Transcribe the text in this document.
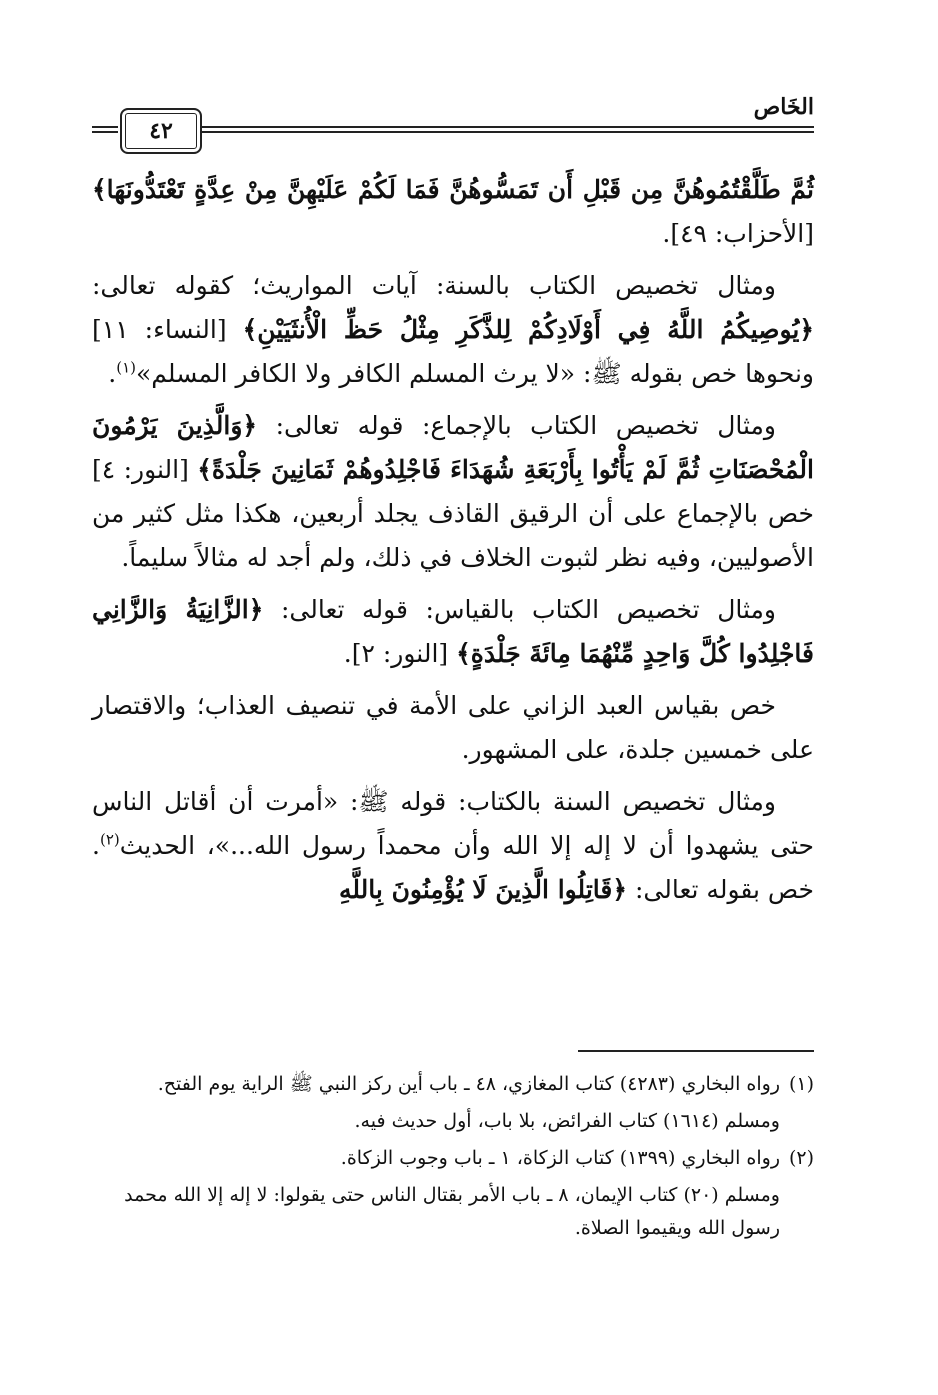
الخَاص
٤٢

ثُمَّ طَلَّقْتُمُوهُنَّ مِن قَبْلِ أَن تَمَسُّوهُنَّ فَمَا لَكُمْ عَلَيْهِنَّ مِنْ عِدَّةٍ تَعْتَدُّونَهَا﴾ [الأحزاب: ٤٩].

ومثال تخصيص الكتاب بالسنة: آيات المواريث؛ كقوله تعالى: ﴿يُوصِيكُمُ اللَّهُ فِي أَوْلَادِكُمْ لِلذَّكَرِ مِثْلُ حَظِّ الْأُنثَيَيْنِ﴾ [النساء: ١١] ونحوها خص بقوله ﷺ: «لا يرث المسلم الكافر ولا الكافر المسلم»$^{(١)}$.

ومثال تخصيص الكتاب بالإجماع: قوله تعالى: ﴿وَالَّذِينَ يَرْمُونَ الْمُحْصَنَاتِ ثُمَّ لَمْ يَأْتُوا بِأَرْبَعَةِ شُهَدَاءَ فَاجْلِدُوهُمْ ثَمَانِينَ جَلْدَةً﴾ [النور: ٤] خص بالإجماع على أن الرقيق القاذف يجلد أربعين، هكذا مثل كثير من الأصوليين، وفيه نظر لثبوت الخلاف في ذلك، ولم أجد له مثالاً سليماً.

ومثال تخصيص الكتاب بالقياس: قوله تعالى: ﴿الزَّانِيَةُ وَالزَّانِي فَاجْلِدُوا كُلَّ وَاحِدٍ مِّنْهُمَا مِائَةَ جَلْدَةٍ﴾ [النور: ٢].

خص بقياس العبد الزاني على الأمة في تنصيف العذاب؛ والاقتصار على خمسين جلدة، على المشهور.

ومثال تخصيص السنة بالكتاب: قوله ﷺ: «أمرت أن أقاتل الناس حتى يشهدوا أن لا إله إلا الله وأن محمداً رسول الله...»، الحديث$^{(٢)}$. خص بقوله تعالى: ﴿قَاتِلُوا الَّذِينَ لَا يُؤْمِنُونَ بِاللَّهِ

(١)رواه البخاري (٤٢٨٣) كتاب المغازي، ٤٨ ـ باب أين ركز النبي ﷺ الراية يوم الفتح.

ومسلم (١٦١٤) كتاب الفرائض، بلا باب، أول حديث فيه.

(٢)رواه البخاري (١٣٩٩) كتاب الزكاة، ١ ـ باب وجوب الزكاة.

ومسلم (٢٠) كتاب الإيمان، ٨ ـ باب الأمر بقتال الناس حتى يقولوا: لا إله إلا الله محمد رسول الله ويقيموا الصلاة.
